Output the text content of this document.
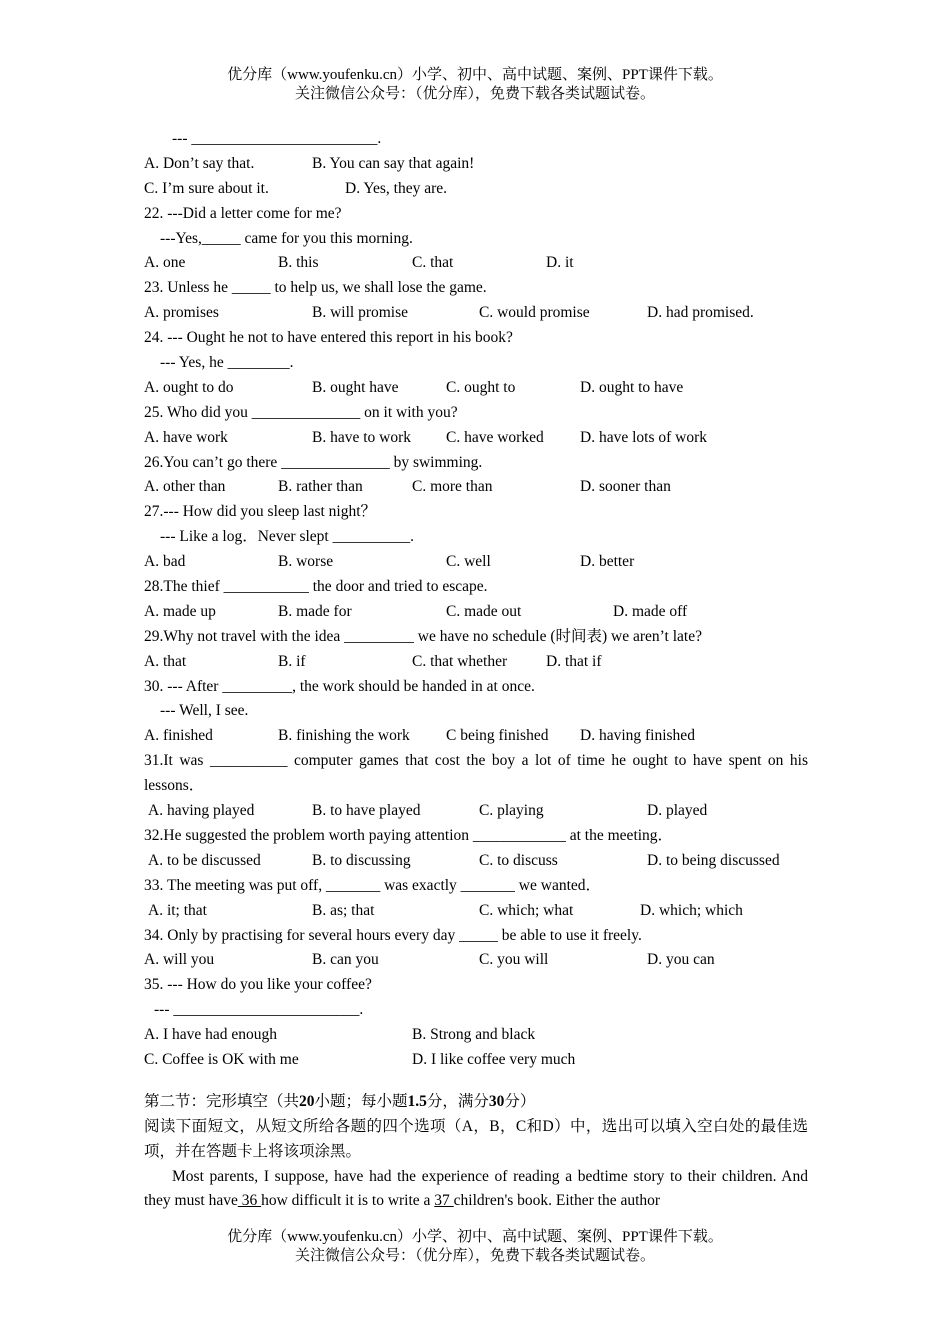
优分库（www.youfenku.cn）小学、初中、高中试题、案例、PPT课件下载。
关注微信公众号：（优分库），免费下载各类试题试卷。
--- ________________________.
A. Don’t say that.	B. You can say that again!
C. I’m sure about it.	D. Yes, they are.
22. ---Did a letter come for me?
---Yes,_____ came for you this morning.
A. one	B. this	C. that	D. it
23. Unless he _____ to help us, we shall lose the game.
A. promises	B. will promise	C. would promise	D. had promised.
24. --- Ought he not to have entered this report in his book?
--- Yes, he ________.
A. ought to do	B. ought have	C. ought to	D. ought to have
25. Who did you ______________ on it with you?
A. have work	B. have to work C. have worked D. have lots of work
26.You can’t go there ______________ by swimming.
A. other than	B. rather than	C. more than	D. sooner than
27.--- How did you sleep last night？
--- Like a log．Never slept __________.
A. bad	B. worse	C. well	D. better
28.The thief ___________ the door and tried to escape.
A. made up	B. made for	C. made out	D. made off
29.Why not travel with the idea _________ we have no schedule (时间表) we aren’t late?
A. that	B. if	C. that whether	D. that if
30. --- After _________, the work should be handed in at once.
--- Well, I see.
A. finished	B. finishing the work C being finished D. having finished
31.It was __________ computer games that cost the boy a lot of time he ought to have spent on his lessons．
A. having played	B. to have played	C. playing	D. played
32.He suggested the problem worth paying attention ____________ at the meeting．
A. to be discussed	B. to discussing	C. to discuss	D. to being discussed
33. The meeting was put off, _______ was exactly _______ we wanted．
A. it; that	B. as; that	C. which; what	D. which; which
34. Only by practising for several hours every day _____ be able to use it freely.
A. will you	B. can you	C. you will	D. you can
35. --- How do you like your coffee?
--- ________________________.
A. I have had enough	B. Strong and black
C. Coffee is OK with me	D. I like coffee very much
第二节：完形填空（共20小题；每小题1.5分，满分30分）
阅读下面短文，从短文所给各题的四个选项（A，B，C和D）中，选出可以填入空白处的最佳选项，并在答题卡上将该项涂黑。
Most parents, I suppose, have had the experience of reading a bedtime story to their children. And they must have 36 how difficult it is to write a 37 children's book. Either the author
优分库（www.youfenku.cn）小学、初中、高中试题、案例、PPT课件下载。
关注微信公众号：（优分库），免费下载各类试题试卷。
